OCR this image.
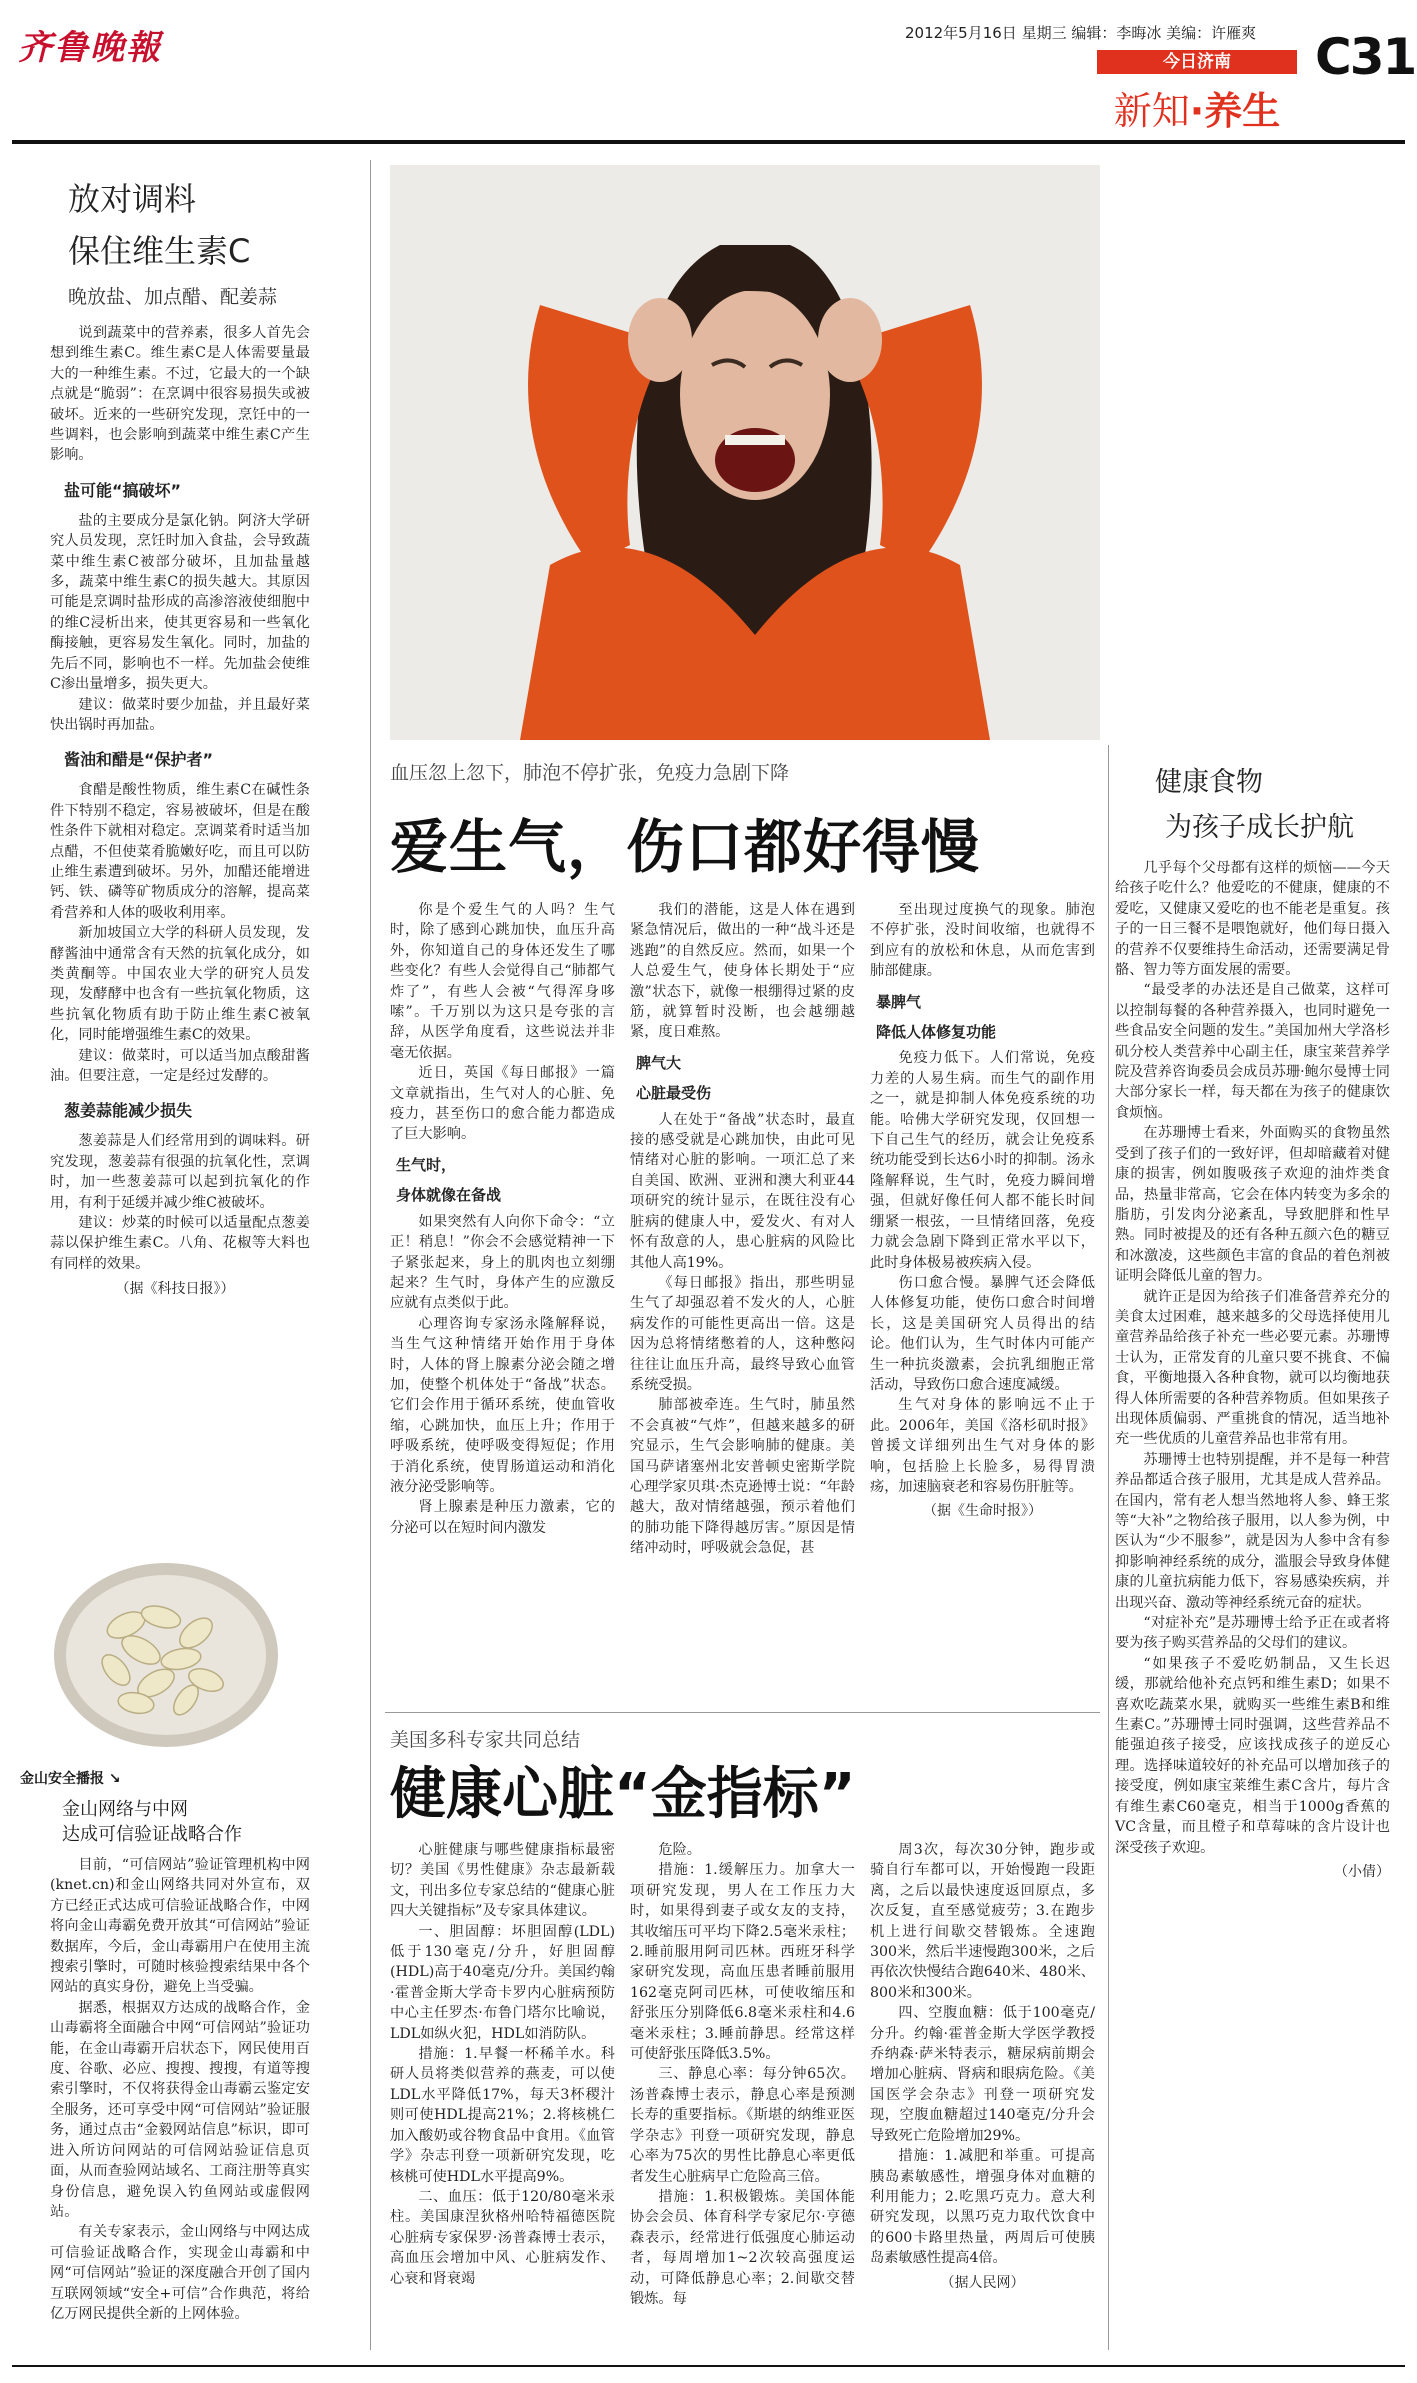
齐鲁晚報	2012年5月16日 星期三 编辑：李晦冰 美编：许雁爽 C31
今日济南
新知·养生
放对调料
保住维生素C
晚放盐、加点醋、配姜蒜

说到蔬菜中的营养素，很多人首先会想到维生素C。维生素C是人体需要量最大的一种维生素。不过，它最大的一个缺点就是“脆弱”：在烹调中很容易损失或被破坏。近来的一些研究发现，烹饪中的一些调料，也会影响到蔬菜中维生素C产生影响。

盐可能“搞破坏”

盐的主要成分是氯化钠。阿济大学研究人员发现，烹饪时加入食盐，会导致蔬菜中维生素C被部分破坏，且加盐量越多，蔬菜中维生素C的损失越大。其原因可能是烹调时盐形成的高渗溶液使细胞中的维C浸析出来，使其更容易和一些氧化酶接触，更容易发生氧化。同时，加盐的先后不同，影响也不一样。先加盐会使维C渗出量增多，损失更大。

建议：做菜时要少加盐，并且最好菜快出锅时再加盐。

酱油和醋是“保护者”

食醋是酸性物质，维生素C在碱性条件下特别不稳定，容易被破坏，但是在酸性条件下就相对稳定。烹调菜肴时适当加点醋，不但使菜肴脆嫩好吃，而且可以防止维生素遭到破坏。另外，加醋还能增进钙、铁、磷等矿物质成分的溶解，提高菜肴营养和人体的吸收利用率。

新加坡国立大学的科研人员发现，发酵酱油中通常含有天然的抗氧化成分，如类黄酮等。中国农业大学的研究人员发现，发酵酵中也含有一些抗氧化物质，这些抗氧化物质有助于防止维生素C被氧化，同时能增强维生素C的效果。

建议：做菜时，可以适当加点酸甜酱油。但要注意，一定是经过发酵的。

葱姜蒜能减少损失

葱姜蒜是人们经常用到的调味料。研究发现，葱姜蒜有很强的抗氧化性，烹调时，加一些葱姜蒜可以起到抗氧化的作用，有利于延缓并减少维C被破坏。

建议：炒菜的时候可以适量配点葱姜蒜以保护维生素C。八角、花椒等大料也有同样的效果。

（据《科技日报》）
金山安全播报 ↘
金山网络与中网
达成可信验证战略合作

目前，“可信网站”验证管理机构中网(knet.cn)和金山网络共同对外宣布，双方已经正式达成可信验证战略合作，中网将向金山毒霸免费开放其“可信网站”验证数据库，今后，金山毒霸用户在使用主流搜索引擎时，可随时核验搜索结果中各个网站的真实身份，避免上当受骗。

据悉，根据双方达成的战略合作，金山毒霸将全面融合中网“可信网站”验证功能，在金山毒霸开启状态下，网民使用百度、谷歌、必应、搜搜、搜搜，有道等搜索引擎时，不仅将获得金山毒霸云鉴定安全服务，还可享受中网“可信网站”验证服务，通过点击“金毅网站信息”标识，即可进入所访问网站的可信网站验证信息页面，从而查验网站域名、工商注册等真实身份信息，避免误入钓鱼网站或虚假网站。

有关专家表示，金山网络与中网达成可信验证战略合作，实现金山毒霸和中网“可信网站”验证的深度融合开创了国内互联网领域“安全+可信”合作典范，将给亿万网民提供全新的上网体验。

血压忽上忽下，肺泡不停扩张，免疫力急剧下降
爱生气，伤口都好得慢

你是个爱生气的人吗？生气时，除了感到心跳加快，血压升高外，你知道自己的身体还发生了哪些变化？有些人会觉得自己“肺都气炸了”，有些人会被“气得浑身哆嗦”。千万别以为这只是夸张的言辞，从医学角度看，这些说法并非毫无依据。

近日，英国《每日邮报》一篇文章就指出，生气对人的心脏、免疫力，甚至伤口的愈合能力都造成了巨大影响。

生气时，
身体就像在备战

如果突然有人向你下命令：“立正！稍息！”你会不会感觉精神一下子紧张起来，身上的肌肉也立刻绷起来？生气时，身体产生的应激反应就有点类似于此。

心理咨询专家汤永隆解释说，当生气这种情绪开始作用于身体时，人体的肾上腺素分泌会随之增加，使整个机体处于“备战”状态。它们会作用于循环系统，使血管收缩，心跳加快，血压上升；作用于呼吸系统，使呼吸变得短促；作用于消化系统，使胃肠道运动和消化液分泌受影响等。

肾上腺素是种压力激素，它的分泌可以在短时间内激发

我们的潜能，这是人体在遇到紧急情况后，做出的一种“战斗还是逃跑”的自然反应。然而，如果一个人总爱生气，使身体长期处于“应激”状态下，就像一根绷得过紧的皮筋，就算暂时没断，也会越绷越紧，度日难熬。

脾气大
心脏最受伤

人在处于“备战”状态时，最直接的感受就是心跳加快，由此可见情绪对心脏的影响。一项汇总了来自美国、欧洲、亚洲和澳大利亚44项研究的统计显示，在既往没有心脏病的健康人中，爱发火、有对人怀有敌意的人，患心脏病的风险比其他人高19%。

《每日邮报》指出，那些明显生气了却强忍着不发火的人，心脏病发作的可能性更高出一倍。这是因为总将情绪憋着的人，这种憋闷往往让血压升高，最终导致心血管系统受损。

肺部被牵连。生气时，肺虽然不会真被“气炸”，但越来越多的研究显示，生气会影响肺的健康。美国马萨诸塞州北安普顿史密斯学院心理学家贝琪·杰克逊博士说：“年龄越大，敌对情绪越强，预示着他们的肺功能下降得越厉害。”原因是情绪冲动时，呼吸就会急促，甚

至出现过度换气的现象。肺泡不停扩张，没时间收缩，也就得不到应有的放松和休息，从而危害到肺部健康。

暴脾气
降低人体修复功能

免疫力低下。人们常说，免疫力差的人易生病。而生气的副作用之一，就是抑制人体免疫系统的功能。哈佛大学研究发现，仅回想一下自己生气的经历，就会让免疫系统功能受到长达6小时的抑制。汤永隆解释说，生气时，免疫力瞬间增强，但就好像任何人都不能长时间绷紧一根弦，一旦情绪回落，免疫力就会急剧下降到正常水平以下，此时身体极易被疾病入侵。

伤口愈合慢。暴脾气还会降低人体修复功能，使伤口愈合时间增长，这是美国研究人员得出的结论。他们认为，生气时体内可能产生一种抗炎激素，会抗乳细胞正常活动，导致伤口愈合速度减缓。

生气对身体的影响远不止于此。2006年，美国《洛杉矶时报》曾援文详细列出生气对身体的影响，包括脸上长脸多，易得胃溃疡，加速脑衰老和容易伤肝脏等。

（据《生命时报》）
美国多科专家共同总结
健康心脏“金指标”

心脏健康与哪些健康指标最密切？美国《男性健康》杂志最新载文，刊出多位专家总结的“健康心脏四大关键指标”及专家具体建议。

一、胆固醇：坏胆固醇(LDL)低于130毫克/分升，好胆固醇(HDL)高于40毫克/分升。美国约翰·霍普金斯大学奇卡罗内心脏病预防中心主任罗杰·布鲁门塔尔比喻说，LDL如纵火犯，HDL如消防队。

措施：1.早餐一杯稀羊水。科研人员将类似营养的燕麦，可以使LDL水平降低17%，每天3杯稷汁则可使HDL提高21%；2.将核桃仁加入酸奶或谷物食品中食用。《血管学》杂志刊登一项新研究发现，吃核桃可使HDL水平提高9%。

二、血压：低于120/80毫米汞柱。美国康涅狄格州哈特福德医院心脏病专家保罗·汤普森博士表示，高血压会增加中风、心脏病发作、心衰和肾衰竭

危险。

措施：1.缓解压力。加拿大一项研究发现，男人在工作压力大时，如果得到妻子或女友的支持，其收缩压可平均下降2.5毫米汞柱；2.睡前服用阿司匹林。西班牙科学家研究发现，高血压患者睡前服用162毫克阿司匹林，可使收缩压和舒张压分别降低6.8毫米汞柱和4.6毫米汞柱；3.睡前静思。经常这样可使舒张压降低3.5%。

三、静息心率：每分钟65次。汤普森博士表示，静息心率是预测长寿的重要指标。《斯堪的纳维亚医学杂志》刊登一项研究发现，静息心率为75次的男性比静息心率更低者发生心脏病早亡危险高三倍。

措施：1.积极锻炼。美国体能协会会员、体育科学专家尼尔·亨德森表示，经常进行低强度心肺运动者，每周增加1~2次较高强度运动，可降低静息心率；2.间歇交替锻炼。每

周3次，每次30分钟，跑步或骑自行车都可以，开始慢跑一段距离，之后以最快速度返回原点，多次反复，直至感觉疲劳；3.在跑步机上进行间歇交替锻炼。全速跑300米，然后半速慢跑300米，之后再依次快慢结合跑640米、480米、800米和300米。

四、空腹血糖：低于100毫克/分升。约翰·霍普金斯大学医学教授乔纳森·萨米特表示，糖尿病前期会增加心脏病、肾病和眼病危险。《美国医学会杂志》刊登一项研究发现，空腹血糖超过140毫克/分升会导致死亡危险增加29%。

措施：1.减肥和举重。可提高胰岛素敏感性，增强身体对血糖的利用能力；2.吃黑巧克力。意大利研究发现，以黑巧克力取代饮食中的600卡路里热量，两周后可使胰岛素敏感性提高4倍。

（据人民网）
健康食物
为孩子成长护航

几乎每个父母都有这样的烦恼——今天给孩子吃什么？他爱吃的不健康，健康的不爱吃，又健康又爱吃的也不能老是重复。孩子的一日三餐不是喂饱就好，他们每日摄入的营养不仅要维持生命活动，还需要满足骨骼、智力等方面发展的需要。

“最受孝的办法还是自己做菜，这样可以控制每餐的各种营养摄入，也同时避免一些食品安全问题的发生。”美国加州大学洛杉矶分校人类营养中心副主任，康宝莱营养学院及营养咨询委员会成员苏珊·鲍尔曼博士同大部分家长一样，每天都在为孩子的健康饮食烦恼。

在苏珊博士看来，外面购买的食物虽然受到了孩子们的一致好评，但却暗藏着对健康的损害，例如腹吸孩子欢迎的油炸类食品，热量非常高，它会在体内转变为多余的脂肪，引发肉分泌紊乱，导致肥胖和性早熟。同时被提及的还有各种五颜六色的糖豆和冰激凌，这些颜色丰富的食品的着色剂被证明会降低儿童的智力。

就许正是因为给孩子们准备营养充分的美食太过困难，越来越多的父母选择使用儿童营养品给孩子补充一些必要元素。苏珊博士认为，正常发育的儿童只要不挑食、不偏食，平衡地摄入各种食物，就可以均衡地获得人体所需要的各种营养物质。但如果孩子出现体质偏弱、严重挑食的情况，适当地补充一些优质的儿童营养品也非常有用。

苏珊博士也特别提醒，并不是每一种营养品都适合孩子服用，尤其是成人营养品。在国内，常有老人想当然地将人参、蜂王浆等“大补”之物给孩子服用，以人参为例，中医认为“少不服参”，就是因为人参中含有参抑影响神经系统的成分，滥服会导致身体健康的儿童抗病能力低下，容易感染疾病，并出现兴奋、激动等神经系统元奋的症状。

“对症补充”是苏珊博士给予正在或者将要为孩子购买营养品的父母们的建议。

“如果孩子不爱吃奶制品，又生长迟缓，那就给他补充点钙和维生素D；如果不喜欢吃蔬菜水果，就购买一些维生素B和维生素C。”苏珊博士同时强调，这些营养品不能强迫孩子接受，应该找成孩子的逆反心理。选择味道较好的补充品可以增加孩子的接受度，例如康宝莱维生素C含片，每片含有维生素C60毫克，相当于1000g香蕉的VC含量，而且橙子和草莓味的含片设计也深受孩子欢迎。

（小倩）
